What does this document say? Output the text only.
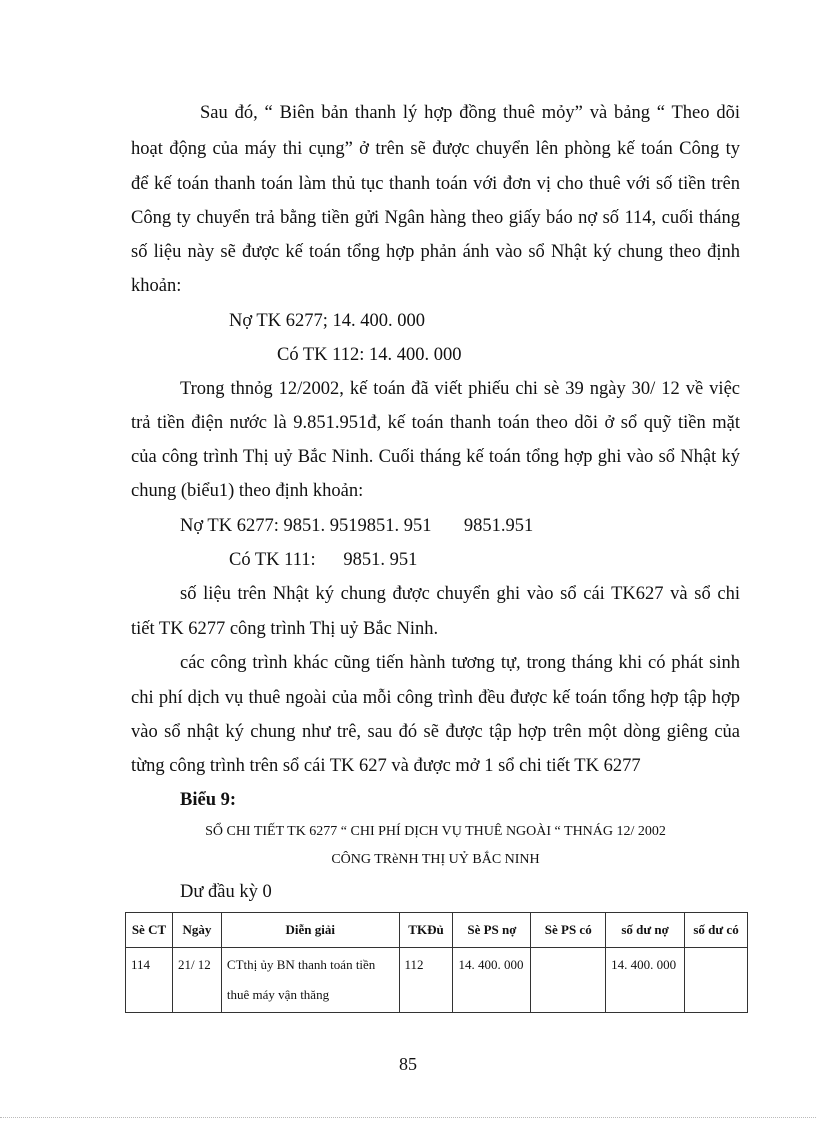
Sau đó, “ Biên bản thanh lý hợp đồng thuê mỏy” và bảng “ Theo dõi
hoạt động của máy thi cụng” ở trên sẽ được chuyển lên phòng kế toán Công ty
để kế toán thanh toán làm thủ tục thanh toán với đơn vị cho thuê với số tiền trên
Công ty chuyển trả bằng tiền gửi Ngân hàng theo giấy báo nợ số 114, cuối tháng
số liệu này sẽ được kế toán tổng hợp phản ánh vào sổ Nhật ký chung theo định
khoản:
Nợ TK 6277; 14. 400. 000
Có TK 112: 14. 400. 000
Trong thnỏg 12/2002, kế toán đã viết phiếu chi sè 39 ngày 30/ 12 về việc
trả tiền điện nước là 9.851.951đ, kế toán thanh toán theo dõi ở sổ quỹ tiền mặt
của công trình Thị uỷ Bắc Ninh. Cuối tháng kế toán tổng hợp ghi vào sổ Nhật ký
chung (biểu1) theo định khoản:
Nợ TK 6277: 9851. 9519851. 951       9851.951
Có TK 111:      9851. 951
số liệu trên Nhật ký chung được chuyển ghi vào sổ cái TK627 và sổ chi
tiết TK 6277 công trình Thị uỷ Bắc Ninh.
các công trình khác cũng tiến hành tương tự, trong tháng khi có phát sinh
chi phí dịch vụ thuê ngoài của mỗi công trình đều được kế toán tổng hợp tập hợp
vào sổ nhật ký chung như trê, sau đó sẽ được tập hợp trên một dòng giêng của
từng công trình trên sổ cái TK 627 và được mở 1 sổ chi tiết TK 6277
Biểu 9:
SỔ CHI TIẾT TK 6277 “ CHI PHÍ DỊCH VỤ THUÊ NGOÀI “ THNÁG 12/ 2002
CÔNG TRèNH THỊ UỶ BẮC NINH
Dư đầu kỳ 0
Sè CT	Ngày	Diễn giải	TKĐủ	Sè PS nợ	Sè PS có	số dư nợ	số dư có
114	21/ 12	CTthị ủy BN thanh toán tiền thuê máy vận thăng	112	14. 400. 000		14. 400. 000	
85
